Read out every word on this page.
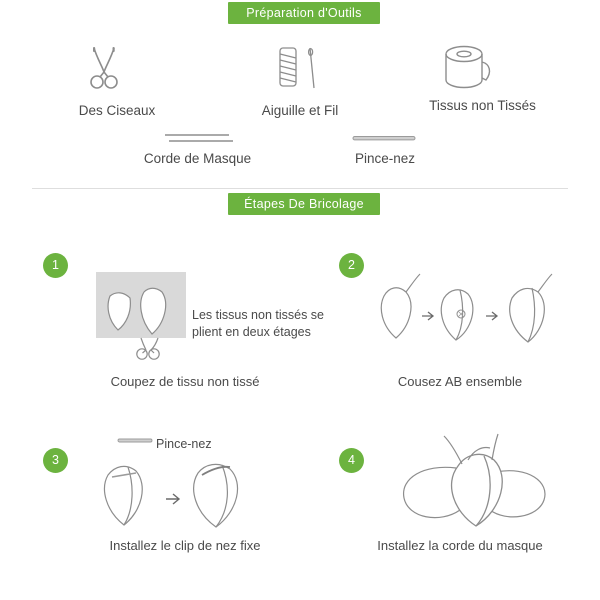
Préparation d'Outils
Des Ciseaux	Aiguille et Fil	Tissus non Tissés
Corde de Masque	Pince-nez
Étapes De Bricolage
1
Les tissus non tissés se plient en deux étages
Coupez de tissu non tissé
2
Cousez AB ensemble
3
Pince-nez
Installez le clip de nez fixe
4
Installez la corde du masque
